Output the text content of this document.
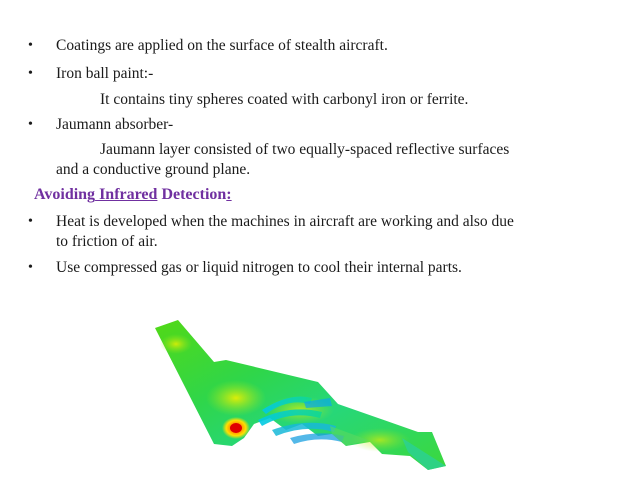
• Coatings are applied on the surface of stealth aircraft.
• Iron ball paint:-
It contains tiny spheres coated with carbonyl iron or ferrite.
• Jaumann absorber-
Jaumann layer consisted of two equally-spaced reflective surfaces
and a conductive ground plane.
Avoiding Infrared Detection:
• Heat is developed when the machines in aircraft are working and also due
to friction of air.
• Use compressed gas or liquid nitrogen to cool their internal parts.
